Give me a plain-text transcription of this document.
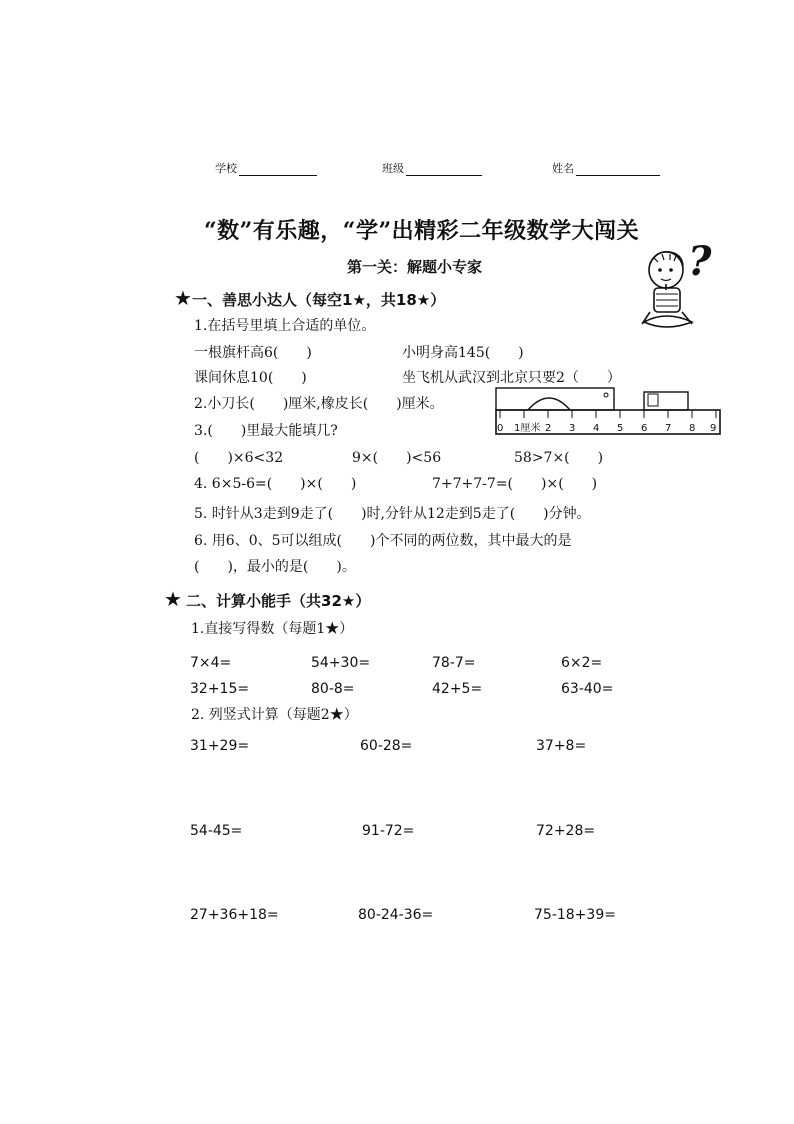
学校	班级	姓名
“数”有乐趣，“学”出精彩二年级数学大闯关
第一关：解题小专家	?
★ 一、善思小达人（每空1★，共18★）
1.在括号里填上合适的单位。
一根旗杆高6(　　)	小明身高145(　　)
课间休息10(　　)	坐飞机从武汉到北京只要2（　　）
2.小刀长(　　)厘米,橡皮长(　　)厘米。
0 1厘米 2 3 4 5 6 7 8 9
3.(　　)里最大能填几?
(　　)×6<32	9×(　　)<56	58>7×(　　)
4. 6×5-6=(　　)×(　　)	7+7+7-7=(　　)×(　　)
5. 时针从3走到9走了(　　)时,分针从12走到5走了(　　)分钟。
6. 用6、0、5可以组成(　　)个不同的两位数，其中最大的是
(　　)，最小的是(　　)。
★ 二、计算小能手（共32★）
1.直接写得数（每题1★）
7×4=	54+30=	78-7=	6×2=
32+15=	80-8=	42+5=	63-40=
2. 列竖式计算（每题2★）
31+29=	60-28=	37+8=
54-45=	91-72=	72+28=
27+36+18=	80-24-36=	75-18+39=
